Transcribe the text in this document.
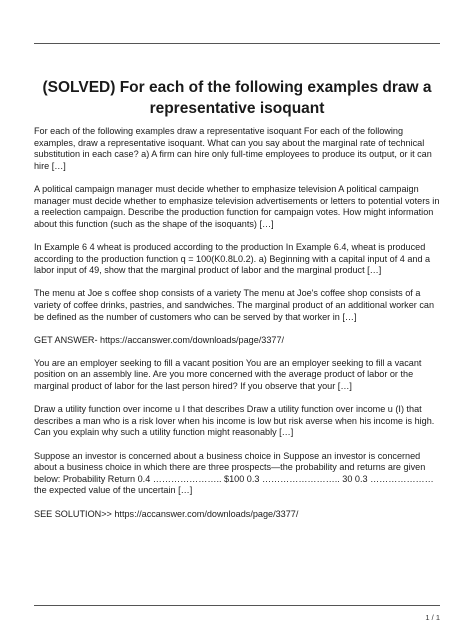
(SOLVED) For each of the following examples draw a representative isoquant

For each of the following examples draw a representative isoquant For each of the following examples, draw a representative isoquant. What can you say about the marginal rate of technical substitution in each case? a) A firm can hire only full-time employees to produce its output, or it can hire […]

A political campaign manager must decide whether to emphasize television A political campaign manager must decide whether to emphasize television advertisements or letters to potential voters in a reelection campaign. Describe the production function for campaign votes. How might information about this function (such as the shape of the isoquants) […]

In Example 6 4 wheat is produced according to the production In Example 6.4, wheat is produced according to the production function q = 100(K0.8L0.2). a) Beginning with a capital input of 4 and a labor input of 49, show that the marginal product of labor and the marginal product […]

The menu at Joe s coffee shop consists of a variety The menu at Joe's coffee shop consists of a variety of coffee drinks, pastries, and sandwiches. The marginal product of an additional worker can be defined as the number of customers who can be served by that worker in […]

GET ANSWER- https://accanswer.com/downloads/page/3377/

You are an employer seeking to fill a vacant position You are an employer seeking to fill a vacant position on an assembly line. Are you more concerned with the average product of labor or the marginal product of labor for the last person hired? If you observe that your […]

Draw a utility function over income u I that describes Draw a utility function over income u (I) that describes a man who is a risk lover when his income is low but risk averse when his income is high. Can you explain why such a utility function might reasonably […]

Suppose an investor is concerned about a business choice in Suppose an investor is concerned about a business choice in which there are three prospects—the probability and returns are given below: Probability Return 0.4 ………………….. $100 0.3 …………………….. 30 0.3 ………………… the expected value of the uncertain […]

SEE SOLUTION>> https://accanswer.com/downloads/page/3377/

1 / 1
